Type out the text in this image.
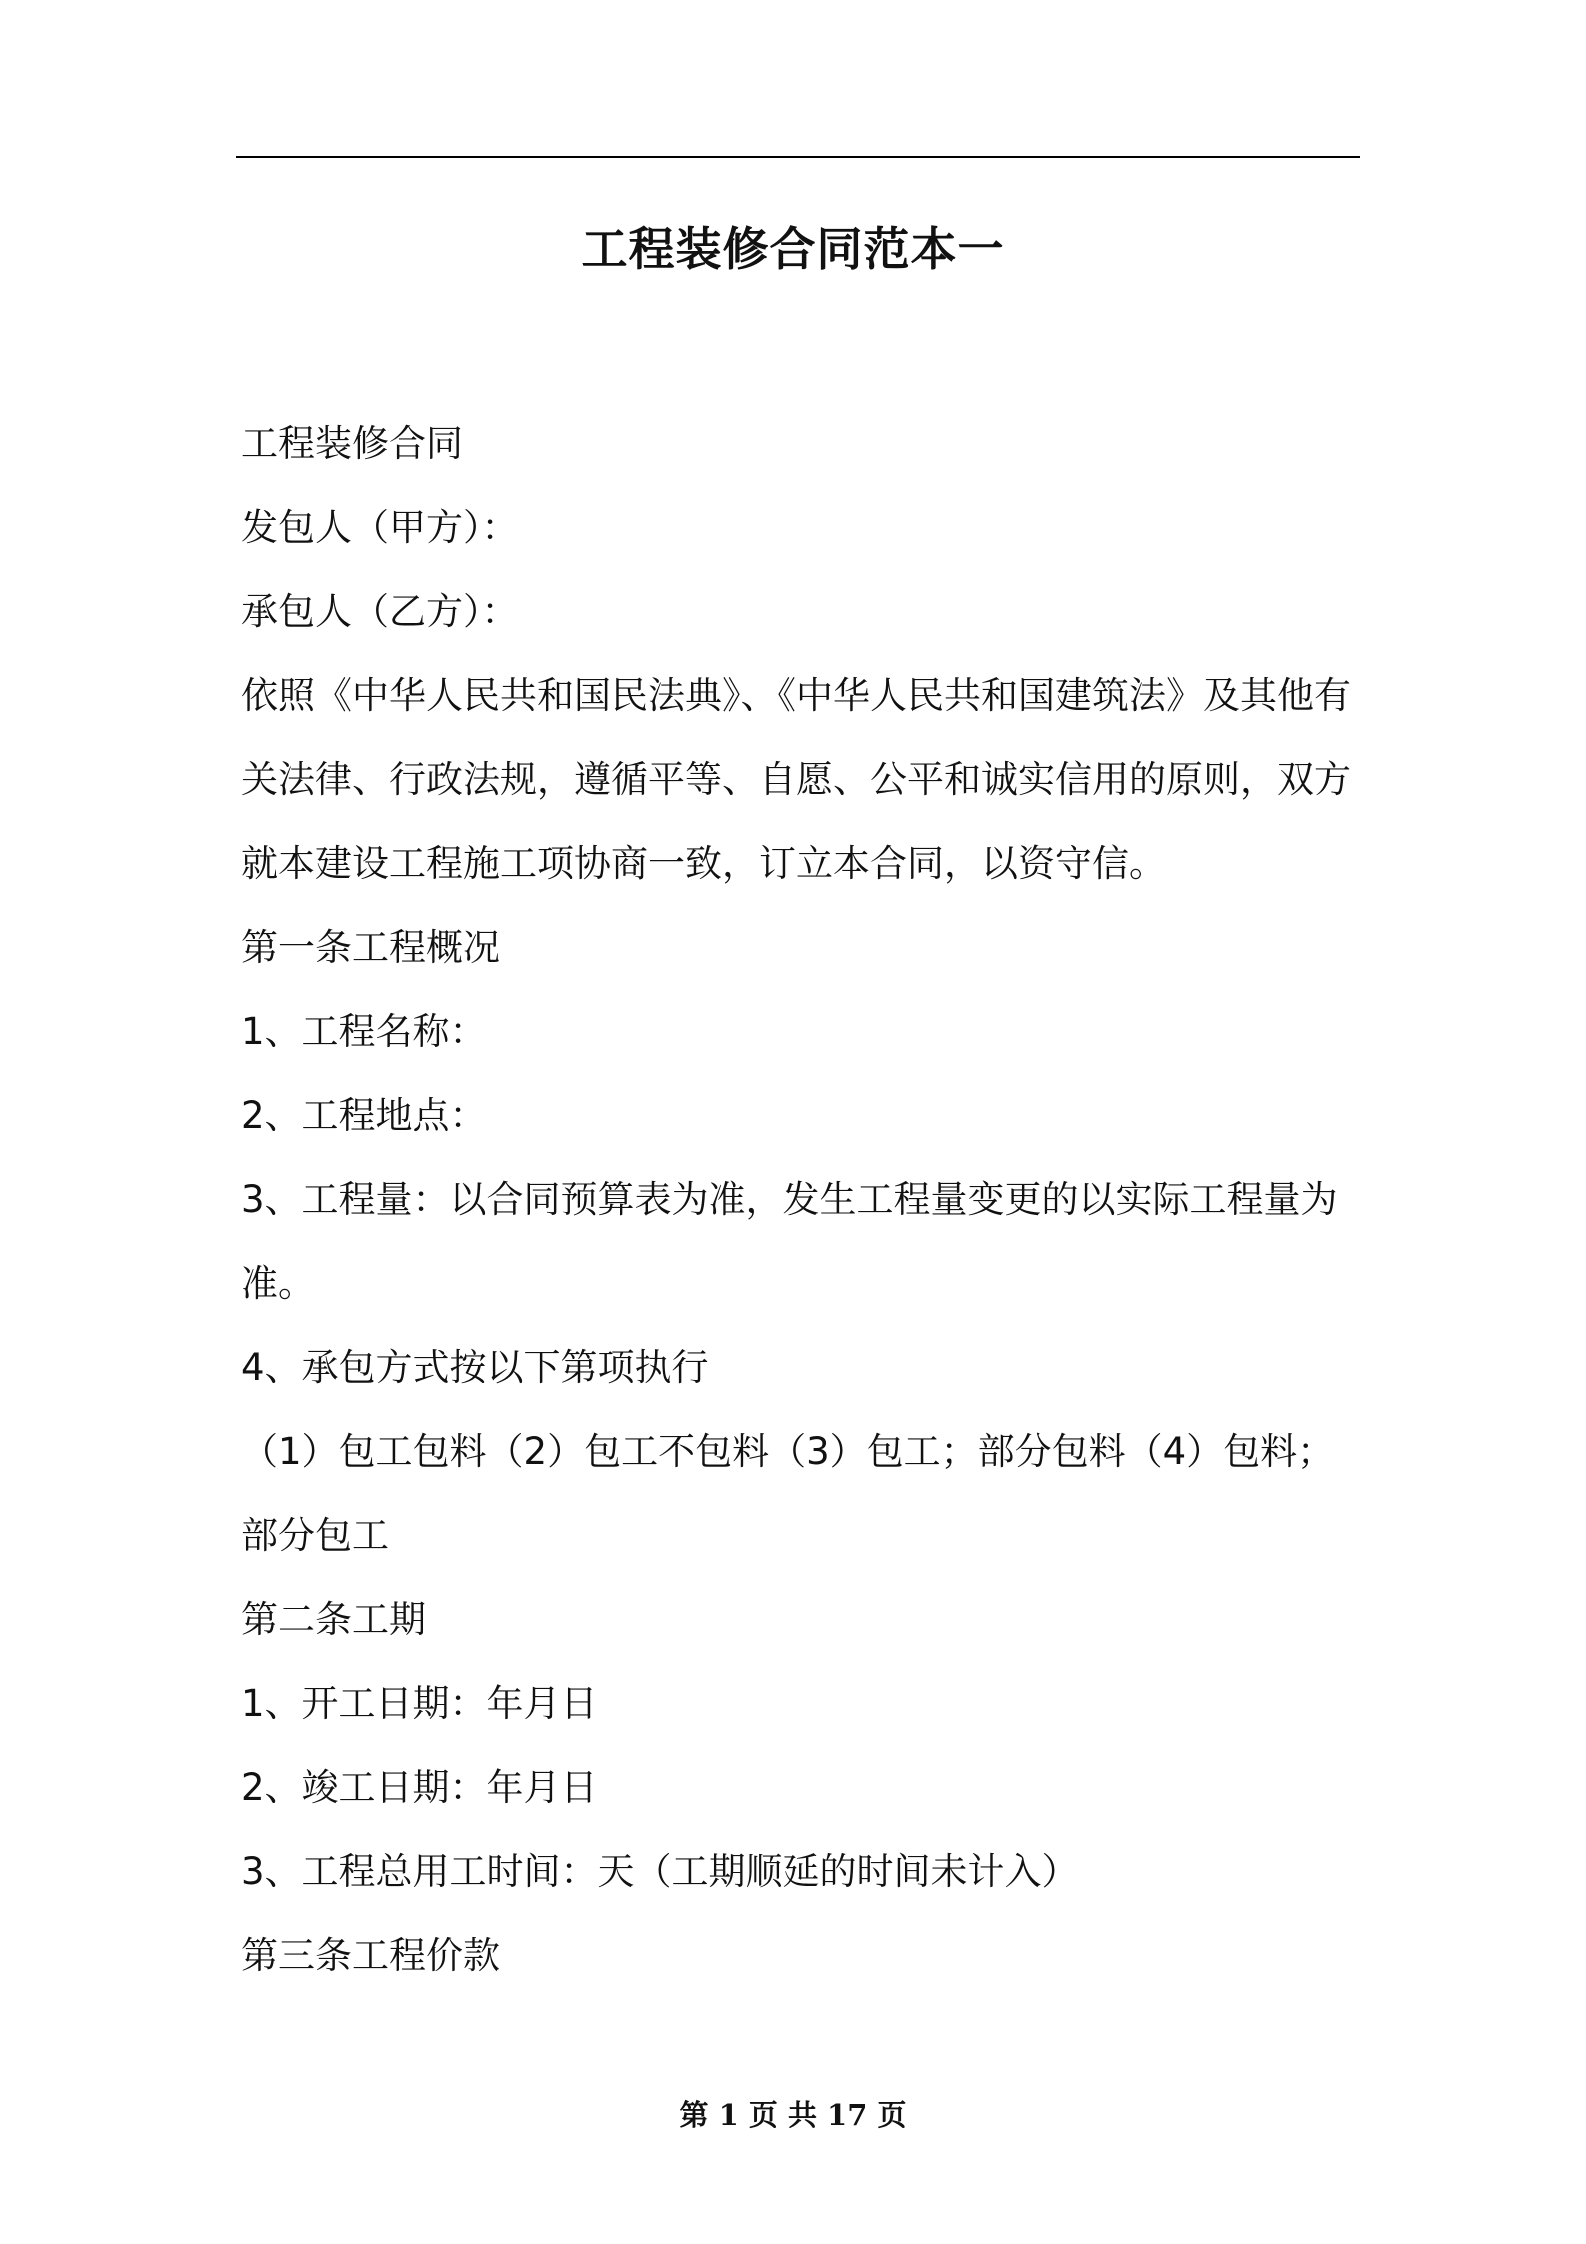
工程装修合同范本一
工程装修合同
发包人（甲方）：
承包人（乙方）：
依照《中华人民共和国民法典》、《中华人民共和国建筑法》及其他有
关法律、行政法规，遵循平等、自愿、公平和诚实信用的原则，双方
就本建设工程施工项协商一致，订立本合同，以资守信。
第一条工程概况
1、工程名称：
2、工程地点：
3、工程量：以合同预算表为准，发生工程量变更的以实际工程量为
准。
4、承包方式按以下第项执行
（1）包工包料（2）包工不包料（3）包工；部分包料（4）包料；
部分包工
第二条工期
1、开工日期：年月日
2、竣工日期：年月日
3、工程总用工时间：天（工期顺延的时间未计入）
第三条工程价款
第 1 页 共 17 页
